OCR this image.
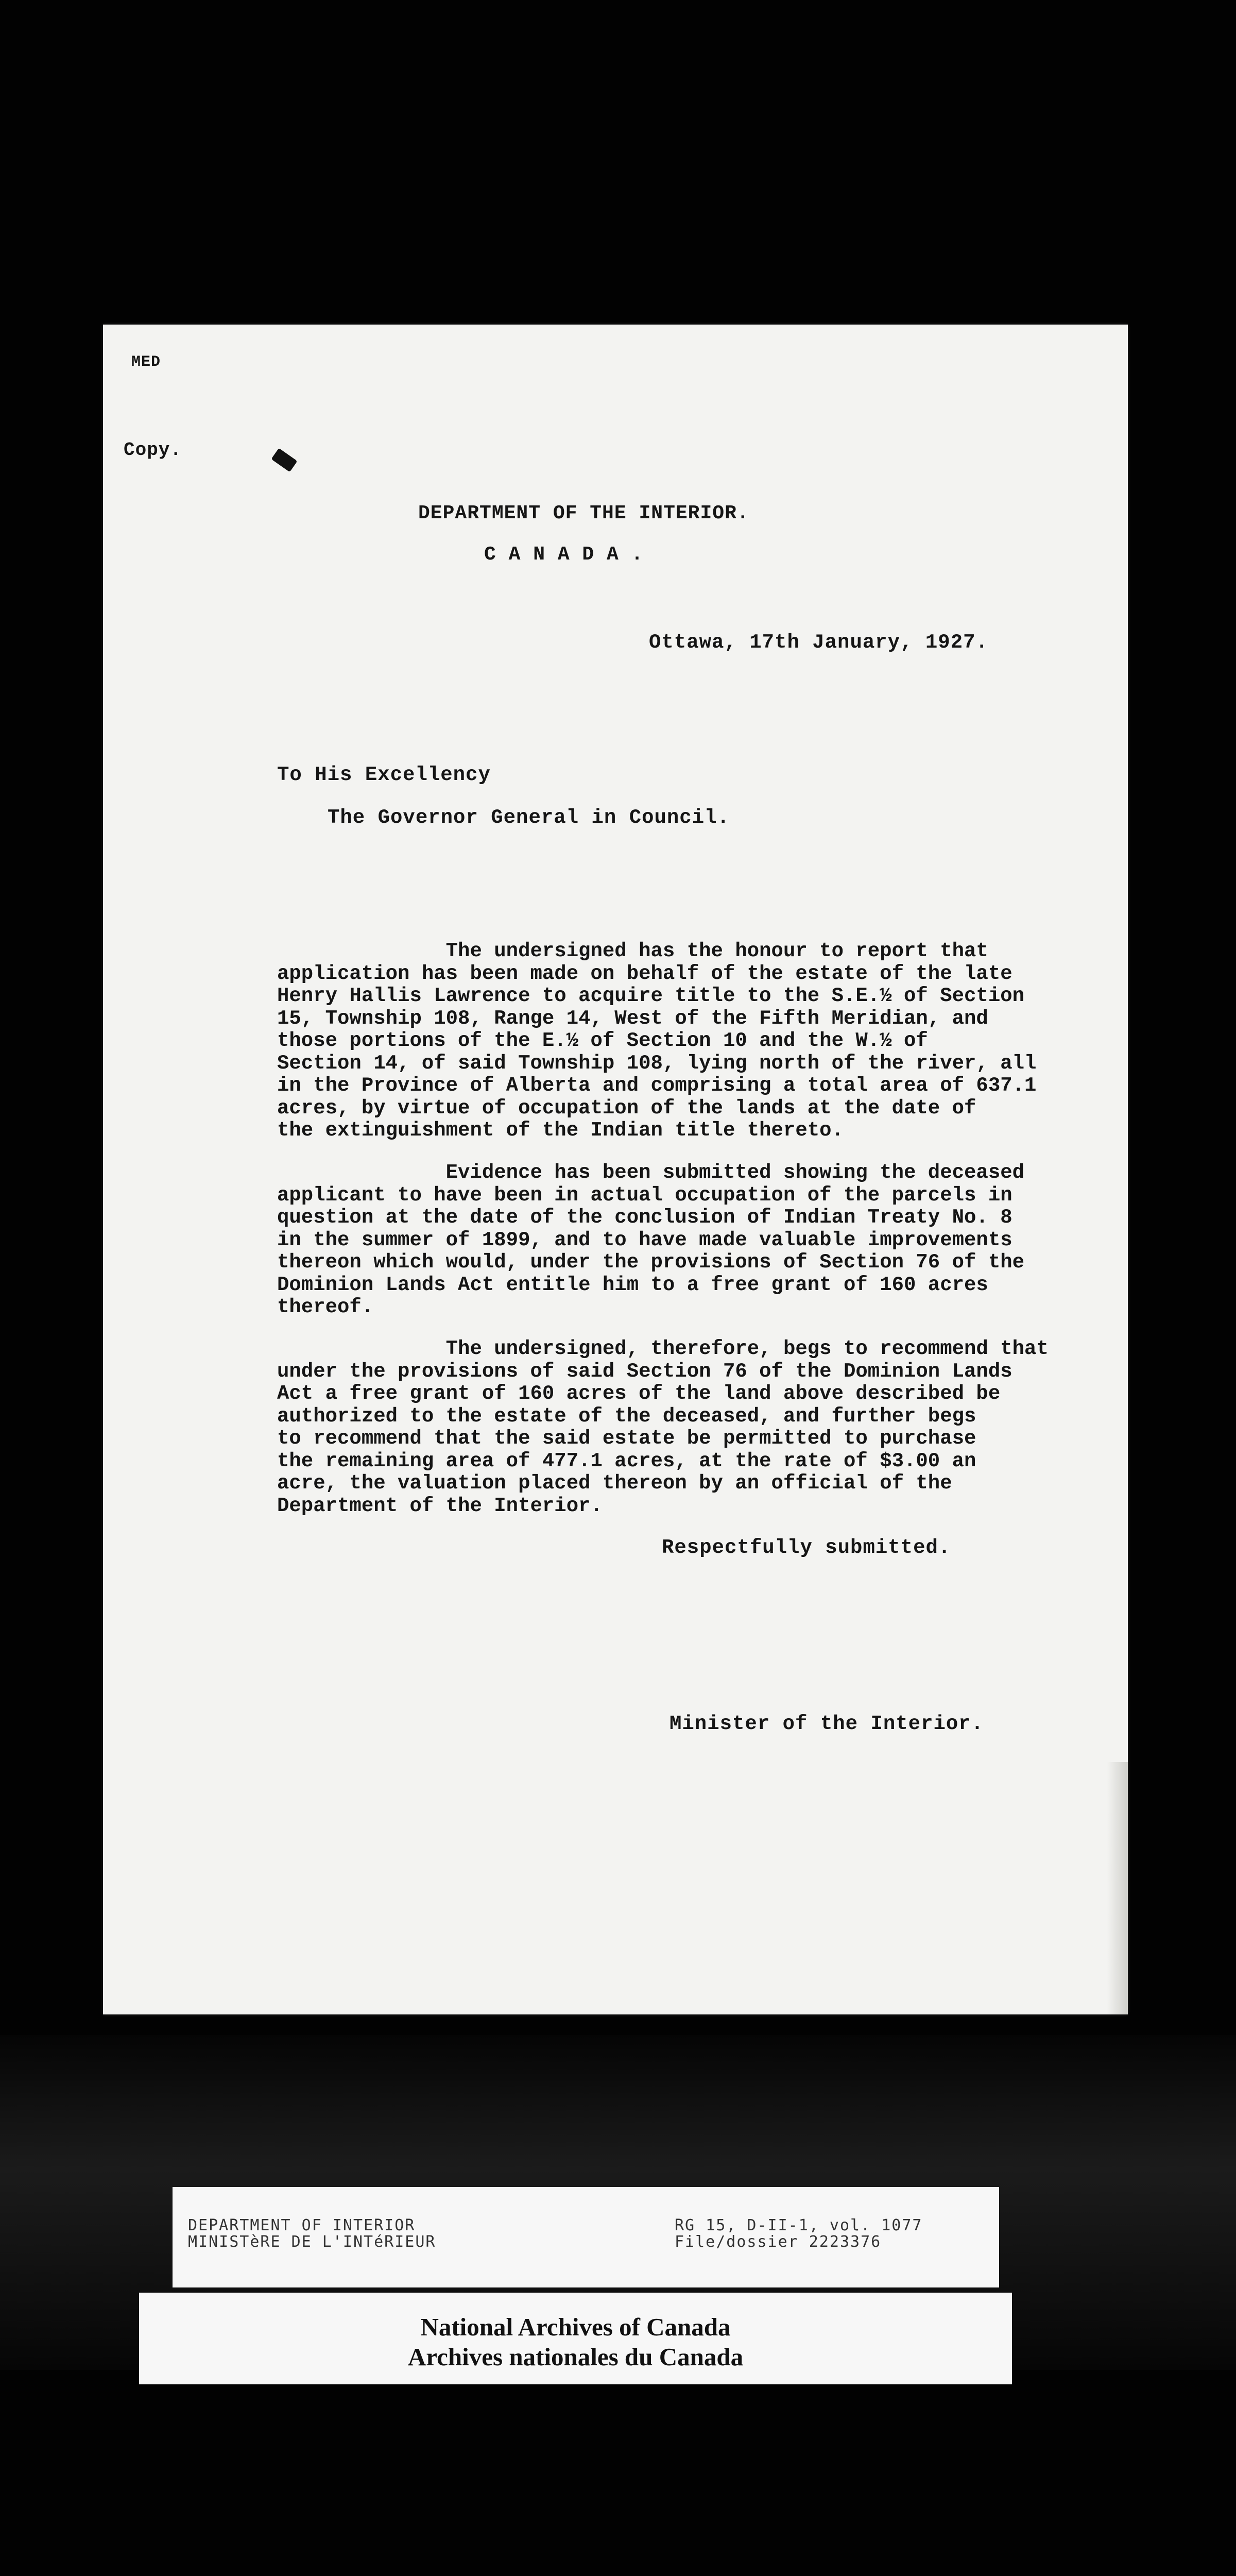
MED
Copy.
DEPARTMENT OF THE INTERIOR.
C A N A D A .
Ottawa, 17th January, 1927.
To His Excellency
The Governor General in Council.
The undersigned has the honour to report that
application has been made on behalf of the estate of the late
Henry Hallis Lawrence to acquire title to the S.E.½ of Section
15, Township 108, Range 14, West of the Fifth Meridian, and
those portions of the E.½ of Section 10 and the W.½ of
Section 14, of said Township 108, lying north of the river, all
in the Province of Alberta and comprising a total area of 637.1
acres, by virtue of occupation of the lands at the date of
the extinguishment of the Indian title thereto.
Evidence has been submitted showing the deceased
applicant to have been in actual occupation of the parcels in
question at the date of the conclusion of Indian Treaty No. 8
in the summer of 1899, and to have made valuable improvements
thereon which would, under the provisions of Section 76 of the
Dominion Lands Act entitle him to a free grant of 160 acres
thereof.
The undersigned, therefore, begs to recommend that
under the provisions of said Section 76 of the Dominion Lands
Act a free grant of 160 acres of the land above described be
authorized to the estate of the deceased, and further begs
to recommend that the said estate be permitted to purchase
the remaining area of 477.1 acres, at the rate of $3.00 an
acre, the valuation placed thereon by an official of the
Department of the Interior.
Respectfully submitted.
Minister of the Interior.
DEPARTMENT OF INTERIOR
MINISTèRE DE L'INTéRIEUR
RG 15, D-II-1, vol. 1077
File/dossier 2223376
National Archives of Canada
Archives nationales du Canada
